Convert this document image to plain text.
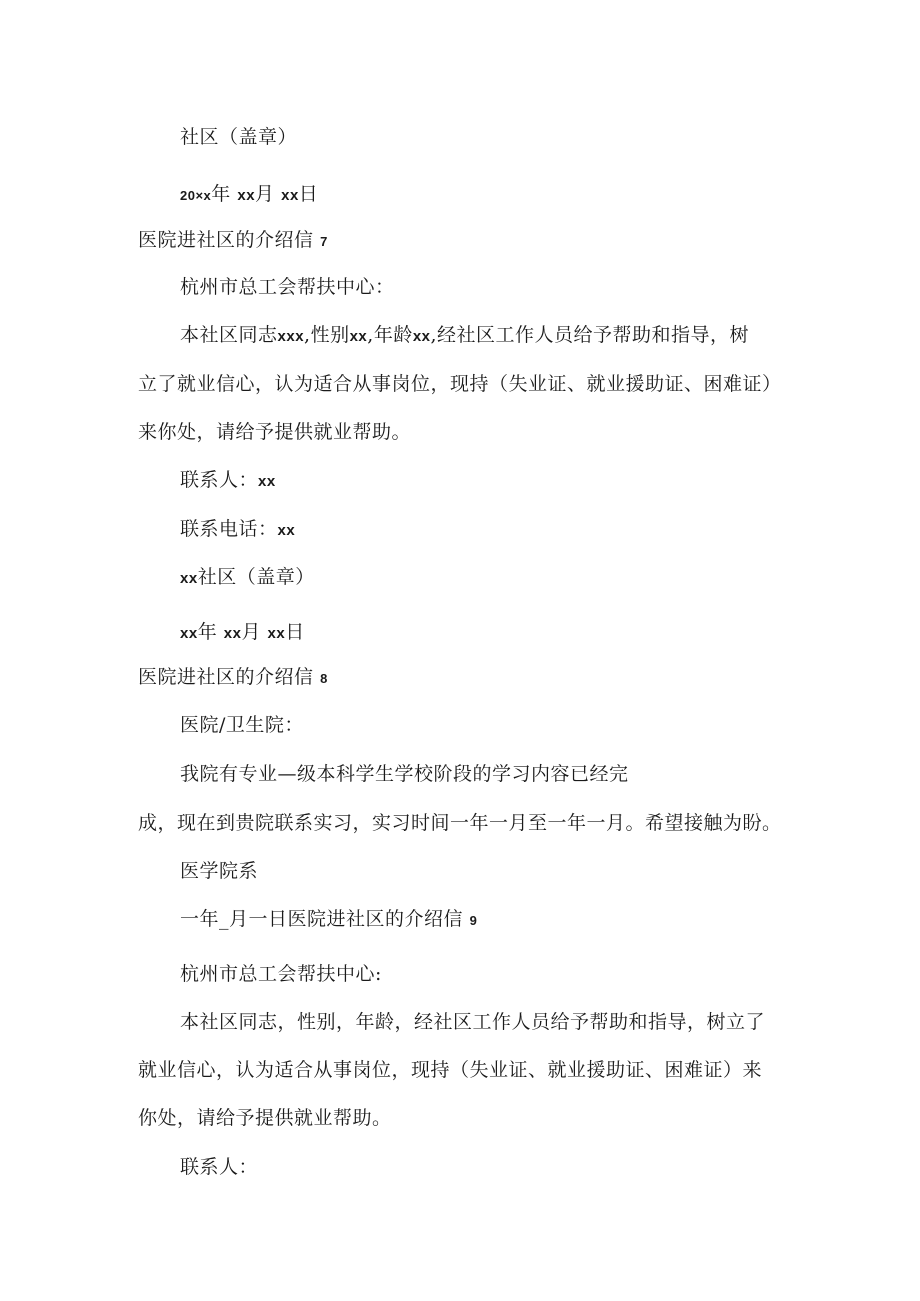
社区（盖章）
20×x年 xx月 xx日
医院进社区的介绍信 7
杭州市总工会帮扶中心：
本社区同志xxx,性别xx,年龄xx,经社区工作人员给予帮助和指导，树
立了就业信心，认为适合从事岗位，现持（失业证、就业援助证、困难证）
来你处，请给予提供就业帮助。
联系人：xx
联系电话：xx
xx社区（盖章）
xx年 xx月 xx日
医院进社区的介绍信 8
医院/卫生院：
我院有专业—级本科学生学校阶段的学习内容已经完
成，现在到贵院联系实习，实习时间一年一月至一年一月。希望接触为盼。
医学院系
一年_月一日医院进社区的介绍信 9
杭州市总工会帮扶中心:
本社区同志，性别，年龄，经社区工作人员给予帮助和指导，树立了
就业信心，认为适合从事岗位，现持（失业证、就业援助证、困难证）来
你处，请给予提供就业帮助。
联系人：
